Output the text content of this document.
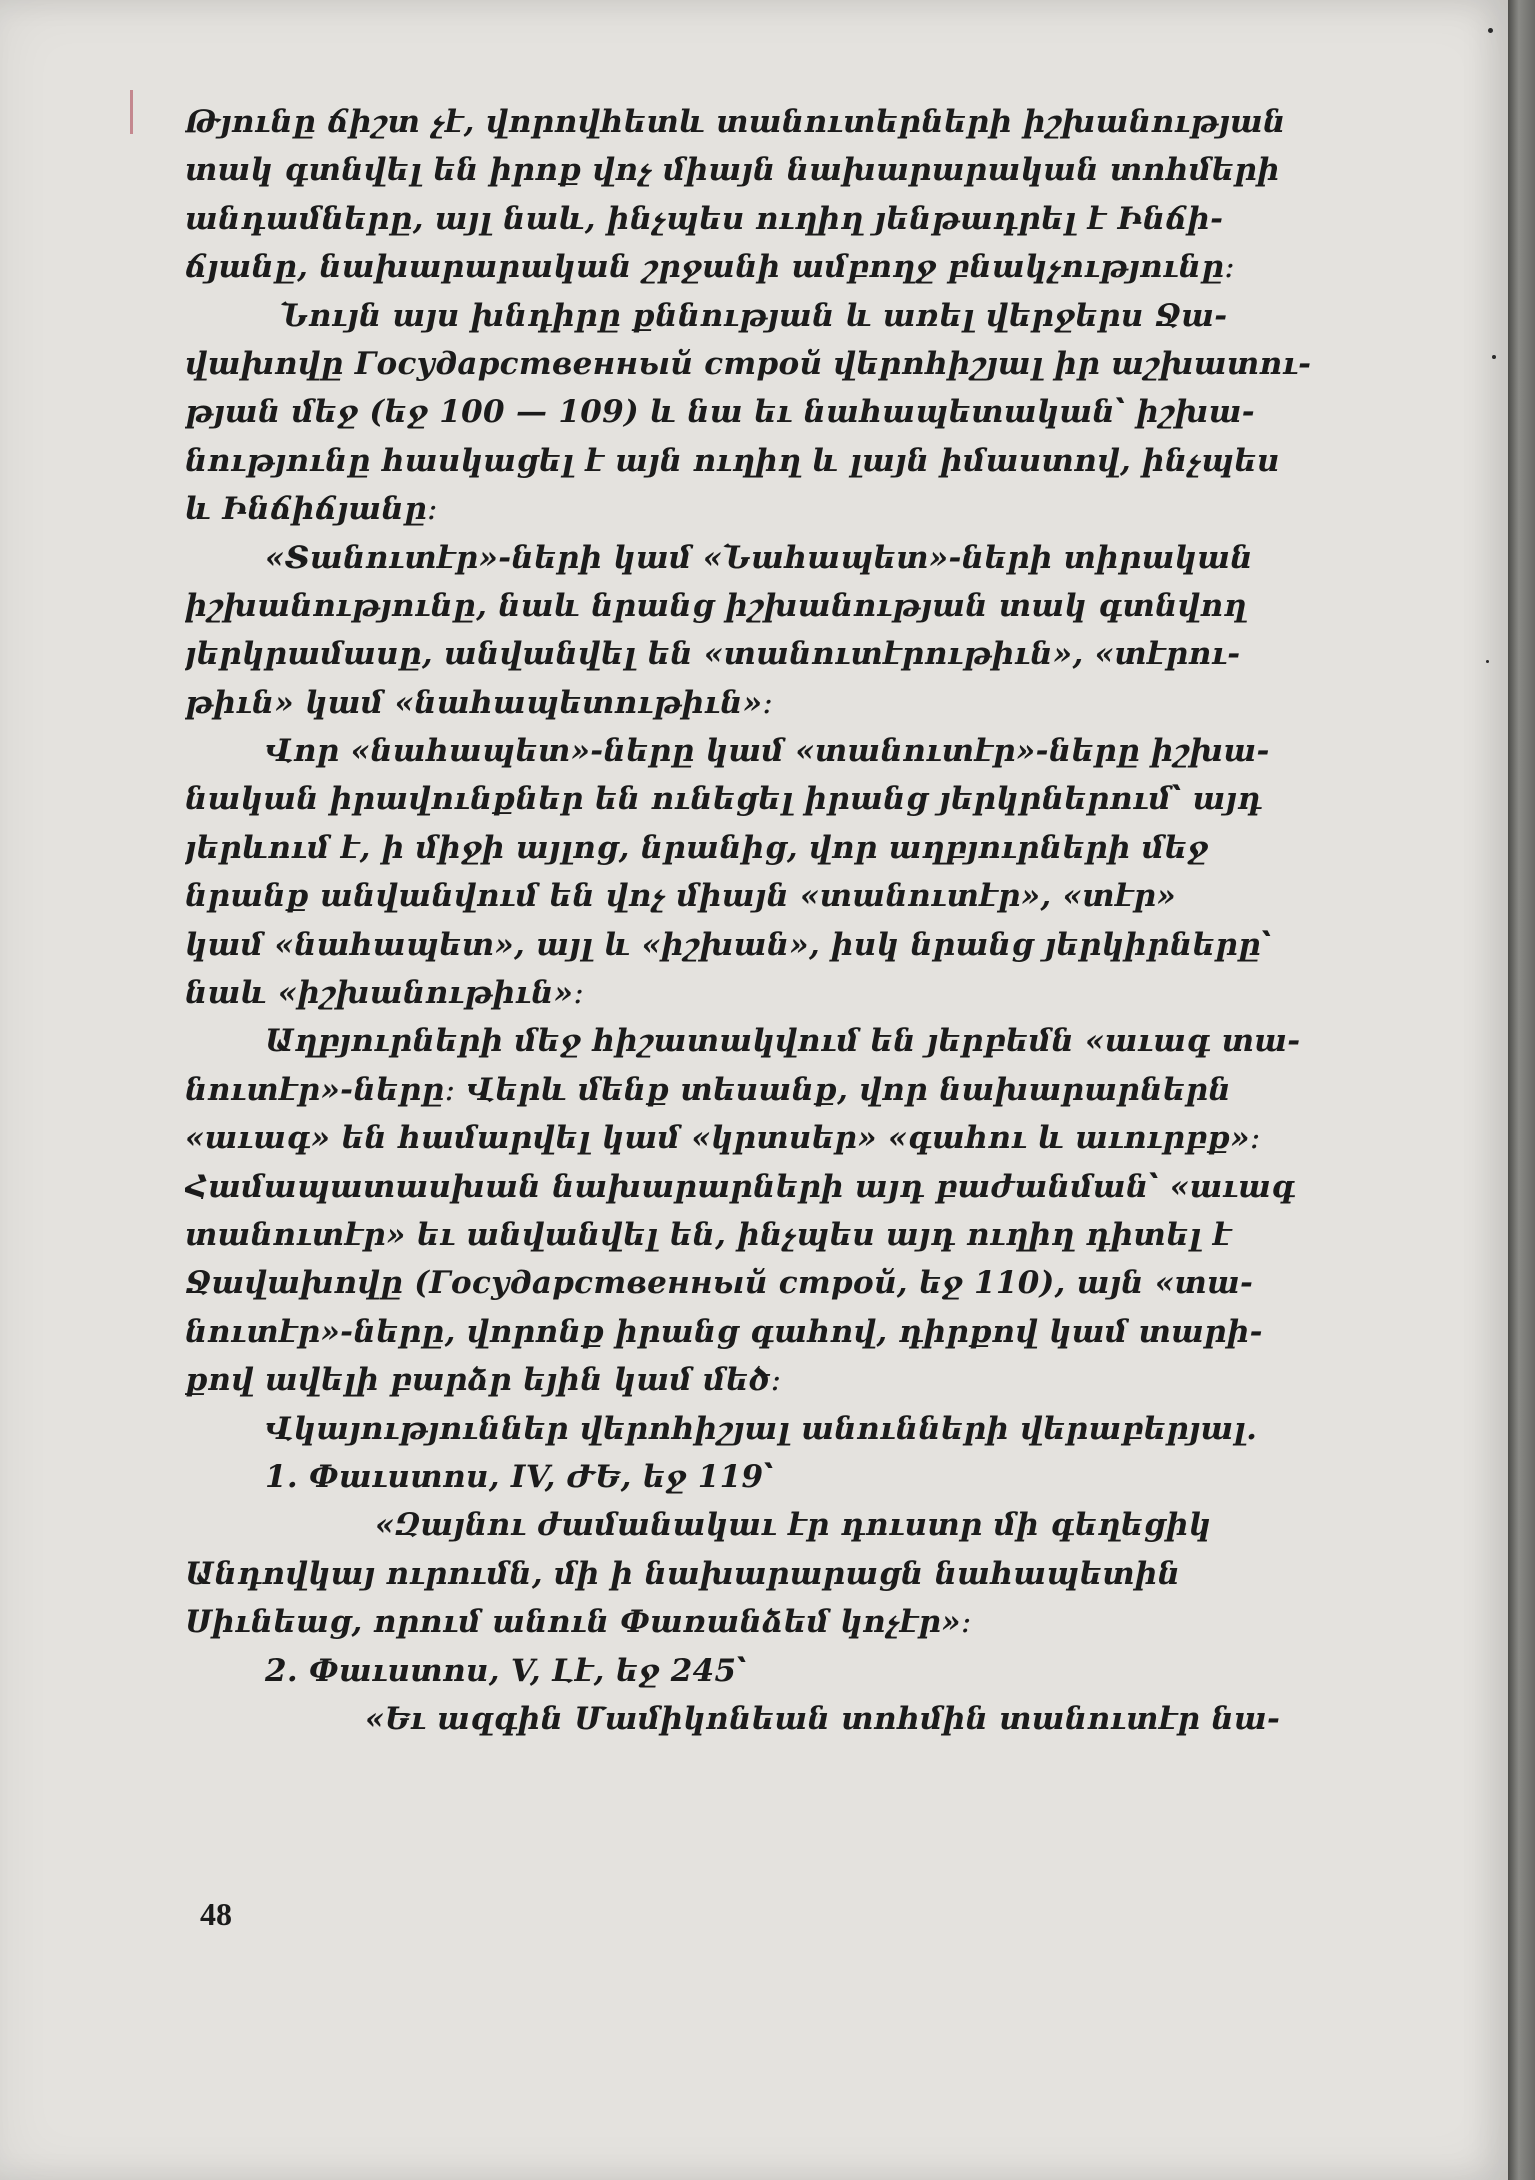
Թյունը ճիշտ չէ, վորովհետև տանուտերների իշխանության
տակ գտնվել են իրոք վոչ միայն նախարարական տոհմերի
անդամները, այլ նաև, ինչպես ուղիղ յենթադրել է Ինճի-
ճյանը, նախարարական շրջանի ամբողջ բնակչությունը։
Նույն այս խնդիրը քննության և առել վերջերս Ջա-
վախովը Государственный строй վերոհիշյալ իր աշխատու-
թյան մեջ (եջ 100 — 109) և նա եւ նահապետական՝ իշխա-
նությունը հասկացել է այն ուղիղ և լայն իմաստով, ինչպես
և Ինճիճյանը։
«Տանուտէր»-ների կամ «Նահապետ»-ների տիրական
իշխանությունը, նաև նրանց իշխանության տակ գտնվող
յերկրամասը, անվանվել են «տանուտէրութիւն», «տէրու-
թիւն» կամ «նահապետութիւն»։
Վոր «նահապետ»-ները կամ «տանուտէր»-ները իշխա-
նական իրավունքներ են ունեցել իրանց յերկրներում՝ այդ
յերևում է, ի միջի այլոց, նրանից, վոր աղբյուրների մեջ
նրանք անվանվում են վոչ միայն «տանուտէր», «տէր»
կամ «նահապետ», այլ և «իշխան», իսկ նրանց յերկիրները՝
նաև «իշխանութիւն»։
Աղբյուրների մեջ հիշատակվում են յերբեմն «աւագ տա-
նուտէր»-ները։ Վերև մենք տեսանք, վոր նախարարներն
«աւագ» են համարվել կամ «կրտսեր» «գահու և աւուրբք»։
Համապատասխան նախարարների այդ բաժանման՝ «աւագ
տանուտէր» եւ անվանվել են, ինչպես այդ ուղիղ դիտել է
Ջավախովը (Государственный строй, եջ 110), այն «տա-
նուտէր»-ները, վորոնք իրանց գահով, դիրքով կամ տարի-
քով ավելի բարձր եյին կամ մեծ։
Վկայություններ վերոհիշյալ անունների վերաբերյալ.
1. Փաւստոս, IV, ԺԵ, եջ 119՝
«Զայնու ժամանակաւ էր դուստր մի գեղեցիկ
Անդովկայ ուրումն, մի ի նախարարացն նահապետին
Սիւնեաց, որում անուն Փառանձեմ կոչէր»։
2. Փաւստոս, V, Լէ, եջ 245՝
«Եւ ազգին Մամիկոնեան տոհմին տանուտէր նա-
48
